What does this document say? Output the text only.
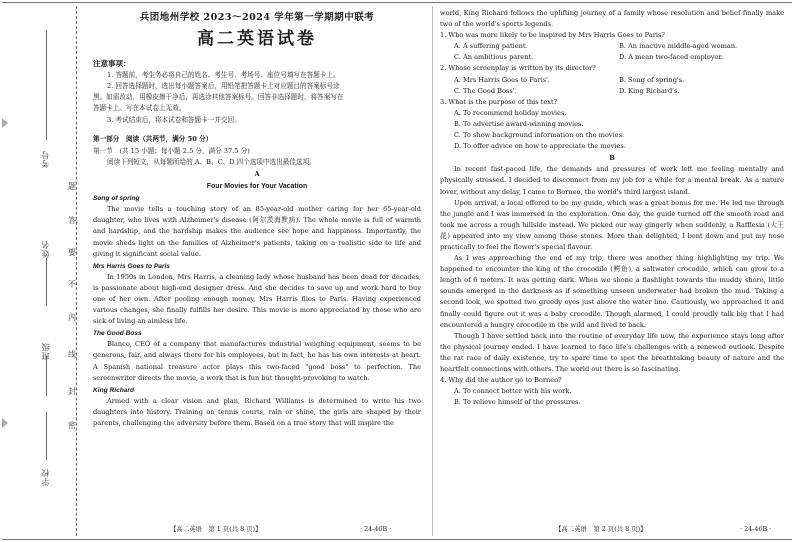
考号
姓名
班级
学校
题
答
要
不
内
线
封
密
兵团地州学校 2023～2024 学年第一学期期中联考
高二英语试卷
注意事项：
1. 答题前，考生务必将自己的姓名、考生号、考场号、座位号填写在答题卡上。
2. 回答选择题时，选出每小题答案后，用铅笔把答题卡上对应题目的答案标号涂
黑。如需改动，用橡皮擦干净后，再选涂其他答案标号。回答非选择题时，将答案写在
答题卡上。写在本试卷上无效。
3. 考试结束后，将本试卷和答题卡一并交回。
第一部分　阅读（共两节，满分 50 分）
第一节　(共 15 小题；每小题 2.5 分，满分 37.5 分)
阅读下列短文，从每题所给的 A、B、C、D 四个选项中选出最佳选项。
A
Four Movies for Your Vacation
Song of spring
The movie tells a touching story of an 85-year-old mother caring for her 65-year-old daughter, who lives with Alzheimer's disease (阿尔茨海默病). The whole movie is full of warmth and hardship, and the hardship makes the audience see hope and happiness. Importantly, the movie sheds light on the families of Alzheimer's patients, taking on a realistic side to life and giving it significant social value.
Mrs Harris Goes to Paris
In 1950s in London, Mrs Harris, a cleaning lady whose husband has been dead for decades, is passionate about high-end designer dress. And she decides to save up and work hard to buy one of her own. After pooling enough money, Mrs Harris flies to Paris. Having experienced various changes, she finally fulfills her desire. This movie is more appreciated by those who are sick of living an aimless life.
The Good Boss
Blanco, CEO of a company that manufactures industrial weighing equipment, seems to be generous, fair, and always there for his employees, but in fact, he has his own interests at heart. A Spanish national treasure actor plays this two-faced "good boss" to perfection. The screenwriter directs the movie, a work that is fun but thought-provoking to watch.
King Richard
Armed with a clear vision and plan, Richard Williams is determined to write his two daughters into history. Training on tennis courts, rain or shine, the girls are shaped by their parents, challenging the adversity before them. Based on a true story that will inspire the
【高二英语　第 1 页(共 8 页)】	· 24-46B ·
world, King Richard follows the uplifting journey of a family whose resolution and belief finally make two of the world's sports legends.
1. Who was more likely to be inspired by Mrs Harris Goes to Paris?
A. A suffering patient.	B. An inactive middle-aged woman.
C. An ambitious parent.	D. A mean two-faced employer.
2. Whose screenplay is written by its director?
A. Mrs Harris Goes to Paris'.	B. Song of spring's.
C. The Good Boss'.	D. King Richard's.
3. What is the purpose of this text?
A. To recommend holiday movies.
B. To advertise award-winning movies.
C. To show background information on the movies.
D. To offer advice on how to appreciate the movies.
B
In recent fast-paced life, the demands and pressures of work left me feeling mentally and physically stressed. I decided to disconnect from my job for a while for a mental break. As a nature lover, without any delay, I came to Borneo, the world's third largest island.
Upon arrival, a local offered to be my guide, which was a great bonus for me. He led me through the jungle and I was immersed in the exploration. One day, the guide turned off the smooth road and took me across a rough hillside instead. We picked our way gingerly when suddenly, a Rafflesia (大王花) appeared into my view among those stones. More than delighted, I bent down and put my nose practically to feel the flower's special flavour.
As I was approaching the end of my trip, there was another thing highlighting my trip. We happened to encounter the king of the crocodile (鳄鱼), a saltwater crocodile, which can grow to a length of 6 meters. It was getting dark. When we shone a flashlight towards the muddy shore, little sounds emerged in the darkness as if something unseen underwater had broken the mud. Taking a second look, we spotted two greedy eyes just above the water line. Cautiously, we approached it and finally could figure out it was a baby crocodile. Though alarmed, I could proudly talk big that I had encountered a hungry crocodile in the wild and lived to back.
Though I have settled back into the routine of everyday life now, the experience stays long after the physical journey ended. I have learned to face life's challenges with a renewed outlook. Despite the rat race of daily existence, try to spare time to spot the breathtaking beauty of nature and the heartfelt connections with others. The world out there is so fascinating.
4. Why did the author go to Borneo?
A. To connect better with his work.
B. To relieve himself of the pressures.
【高二英语　第 2 页(共 8 页)】	· 24-46B ·
